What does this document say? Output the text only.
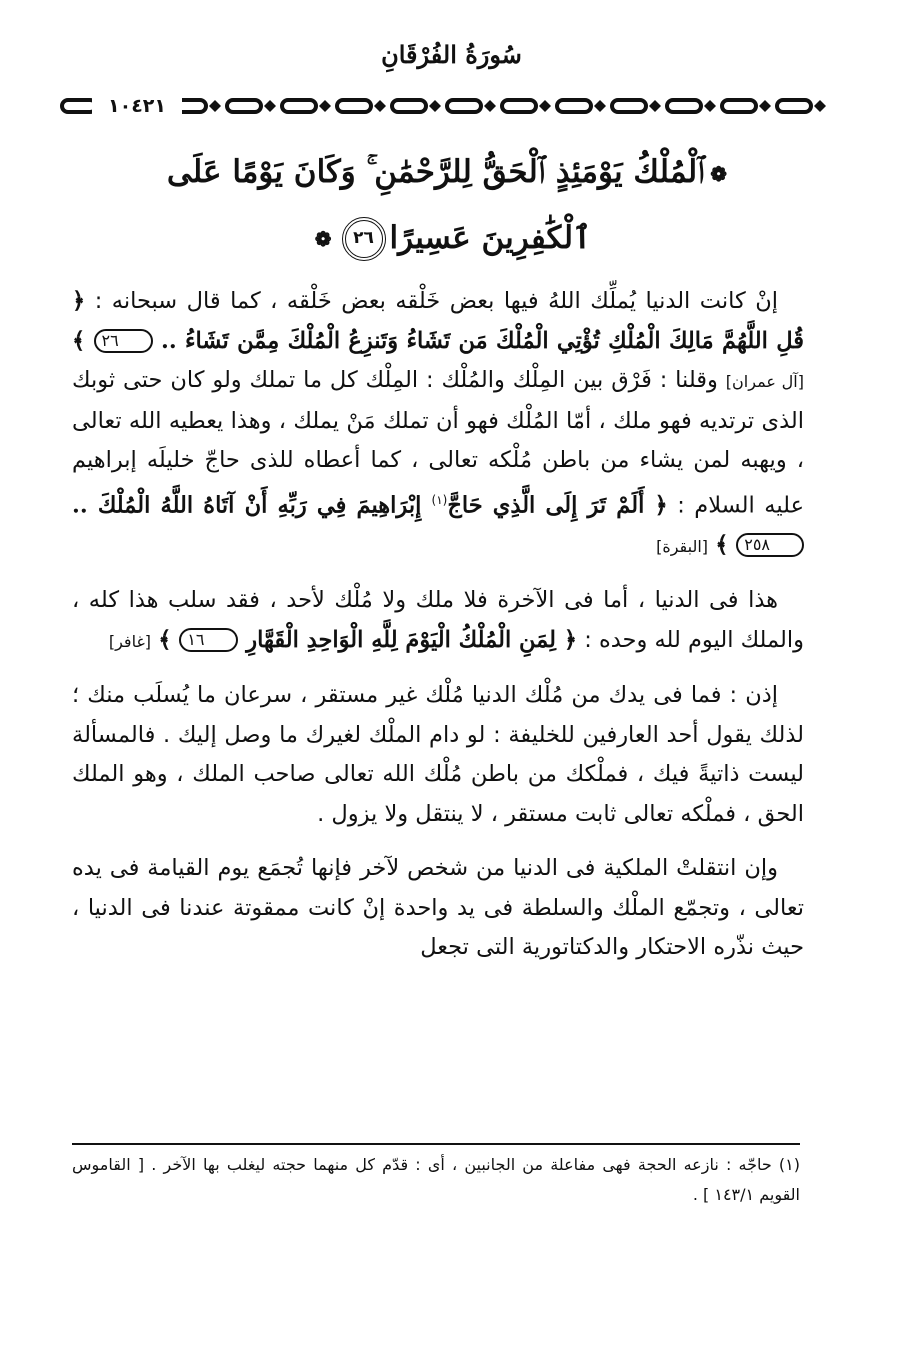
سُورَةُ الفُرْقَانِ
١٠٤٢١
❁ٱلْمُلْكُ يَوْمَئِذٍ ٱلْحَقُّ لِلرَّحْمَٰنِ ۚ وَكَانَ يَوْمًا عَلَى
ٱلْكَٰفِرِينَ عَسِيرًا٢٦❁

إنْ كانت الدنيا يُملِّك اللهُ فيها بعض خَلْقه بعض خَلْقه ، كما قال سبحانه : ﴿ قُلِ اللَّهُمَّ مَالِكَ الْمُلْكِ تُؤْتِي الْمُلْكَ مَن تَشَاءُ وَتَنزِعُ الْمُلْكَ مِمَّن تَشَاءُ .. ٢٦ ﴾ [آل عمران] وقلنا : فَرْق بين المِلْك والمُلْك : المِلْك كل ما تملك ولو كان حتى ثوبك الذى ترتديه فهو ملك ، أمّا المُلْك فهو أن تملك مَنْ يملك ، وهذا يعطيه الله تعالى ، ويهبه لمن يشاء من باطن مُلْكه تعالى ، كما أعطاه للذى حاجّ خليلَه إبراهيم عليه السلام : ﴿ أَلَمْ تَرَ إِلَى الَّذِي حَاجَّ$^{(١)}$ إِبْرَاهِيمَ فِي رَبِّهِ أَنْ آتَاهُ اللَّهُ الْمُلْكَ .. ٢٥٨ ﴾ [البقرة]

هذا فى الدنيا ، أما فى الآخرة فلا ملك ولا مُلْك لأحد ، فقد سلب هذا كله ، والملك اليوم لله وحده : ﴿ لِمَنِ الْمُلْكُ الْيَوْمَ لِلَّهِ الْوَاحِدِ الْقَهَّارِ ١٦ ﴾ [غافر]

إذن : فما فى يدك من مُلْك الدنيا مُلْك غير مستقر ، سرعان ما يُسلَب منك ؛ لذلك يقول أحد العارفين للخليفة : لو دام الملْك لغيرك ما وصل إليك . فالمسألة ليست ذاتيةً فيك ، فملْكك من باطن مُلْك الله تعالى صاحب الملك ، وهو الملك الحق ، فملْكه تعالى ثابت مستقر ، لا ينتقل ولا يزول .

وإن انتقلتْ الملكية فى الدنيا من شخص لآخر فإنها تُجمَع يوم القيامة فى يده تعالى ، وتجمّع الملْك والسلطة فى يد واحدة إنْ كانت ممقوتة عندنا فى الدنيا ، حيث نذّره الاحتكار والدكتاتورية التى تجعل

(١) حاجّه : نازعه الحجة فهى مفاعلة من الجانبين ، أى : قدّم كل منهما حجته ليغلب بها الآخر . [ القاموس القويم ١٤٣/١ ] .
